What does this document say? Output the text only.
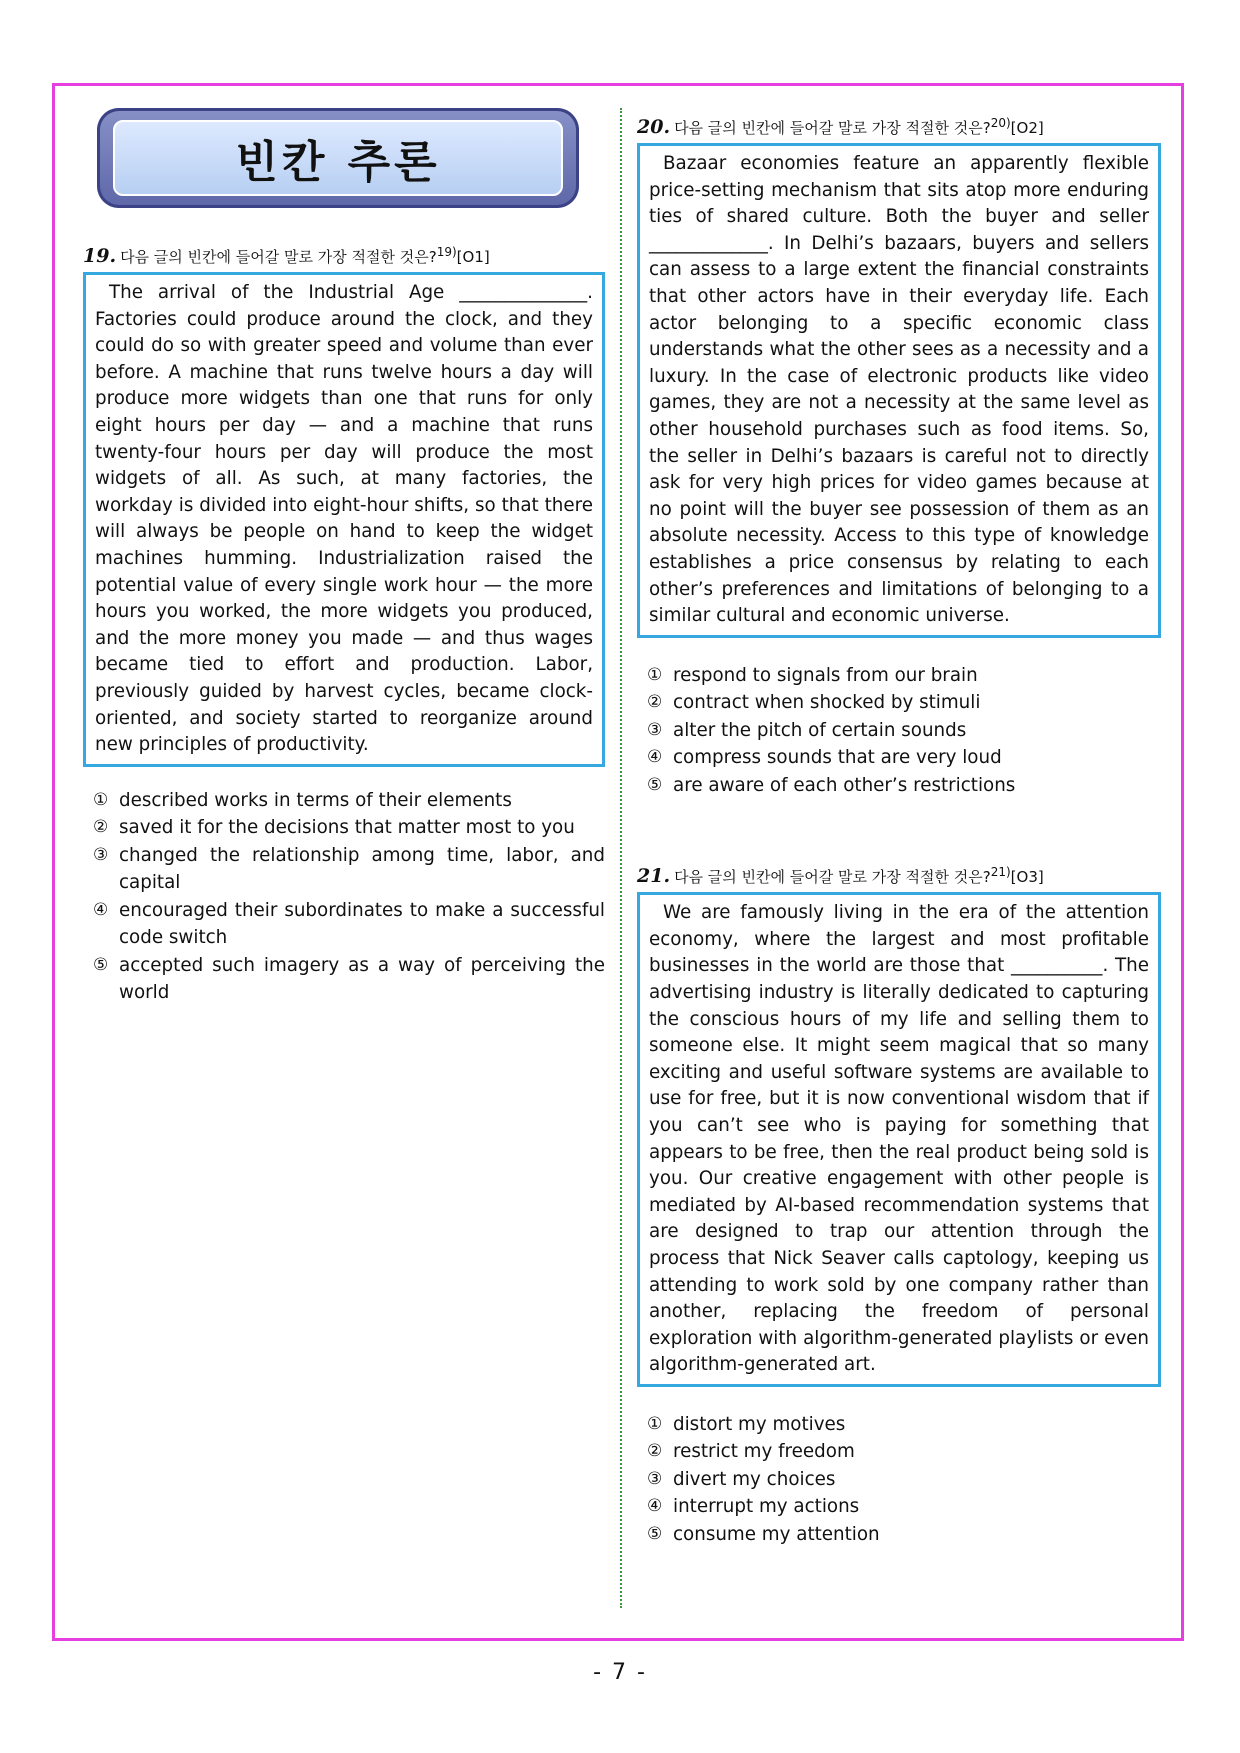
빈칸 추론
19. 다음 글의 빈칸에 들어갈 말로 가장 적절한 것은?$^{19)}$[O1]
The arrival of the Industrial Age ______________. Factories could produce around the clock, and they could do so with greater speed and volume than ever before. A machine that runs twelve hours a day will produce more widgets than one that runs for only eight hours per day — and a machine that runs twenty-four hours per day will produce the most widgets of all. As such, at many factories, the workday is divided into eight-hour shifts, so that there will always be people on hand to keep the widget machines humming. Industrialization raised the potential value of every single work hour — the more hours you worked, the more widgets you produced, and the more money you made — and thus wages became tied to effort and production. Labor, previously guided by harvest cycles, became clock-oriented, and society started to reorganize around new principles of productivity.
① described works in terms of their elements
② saved it for the decisions that matter most to you
③ changed the relationship among time, labor, and capital
④ encouraged their subordinates to make a successful code switch
⑤ accepted such imagery as a way of perceiving the world
20. 다음 글의 빈칸에 들어갈 말로 가장 적절한 것은?$^{20)}$[O2]
Bazaar economies feature an apparently flexible price-setting mechanism that sits atop more enduring ties of shared culture. Both the buyer and seller _____________. In Delhi’s bazaars, buyers and sellers can assess to a large extent the financial constraints that other actors have in their everyday life. Each actor belonging to a specific economic class understands what the other sees as a necessity and a luxury. In the case of electronic products like video games, they are not a necessity at the same level as other household purchases such as food items. So, the seller in Delhi’s bazaars is careful not to directly ask for very high prices for video games because at no point will the buyer see possession of them as an absolute necessity. Access to this type of knowledge establishes a price consensus by relating to each other’s preferences and limitations of belonging to a similar cultural and economic universe.
① respond to signals from our brain
② contract when shocked by stimuli
③ alter the pitch of certain sounds
④ compress sounds that are very loud
⑤ are aware of each other’s restrictions
21. 다음 글의 빈칸에 들어갈 말로 가장 적절한 것은?$^{21)}$[O3]
We are famously living in the era of the attention economy, where the largest and most profitable businesses in the world are those that __________. The advertising industry is literally dedicated to capturing the conscious hours of my life and selling them to someone else. It might seem magical that so many exciting and useful software systems are available to use for free, but it is now conventional wisdom that if you can’t see who is paying for something that appears to be free, then the real product being sold is you. Our creative engagement with other people is mediated by AI-based recommendation systems that are designed to trap our attention through the process that Nick Seaver calls captology, keeping us attending to work sold by one company rather than another, replacing the freedom of personal exploration with algorithm-generated playlists or even algorithm-generated art.
① distort my motives
② restrict my freedom
③ divert my choices
④ interrupt my actions
⑤ consume my attention
- 7 -
